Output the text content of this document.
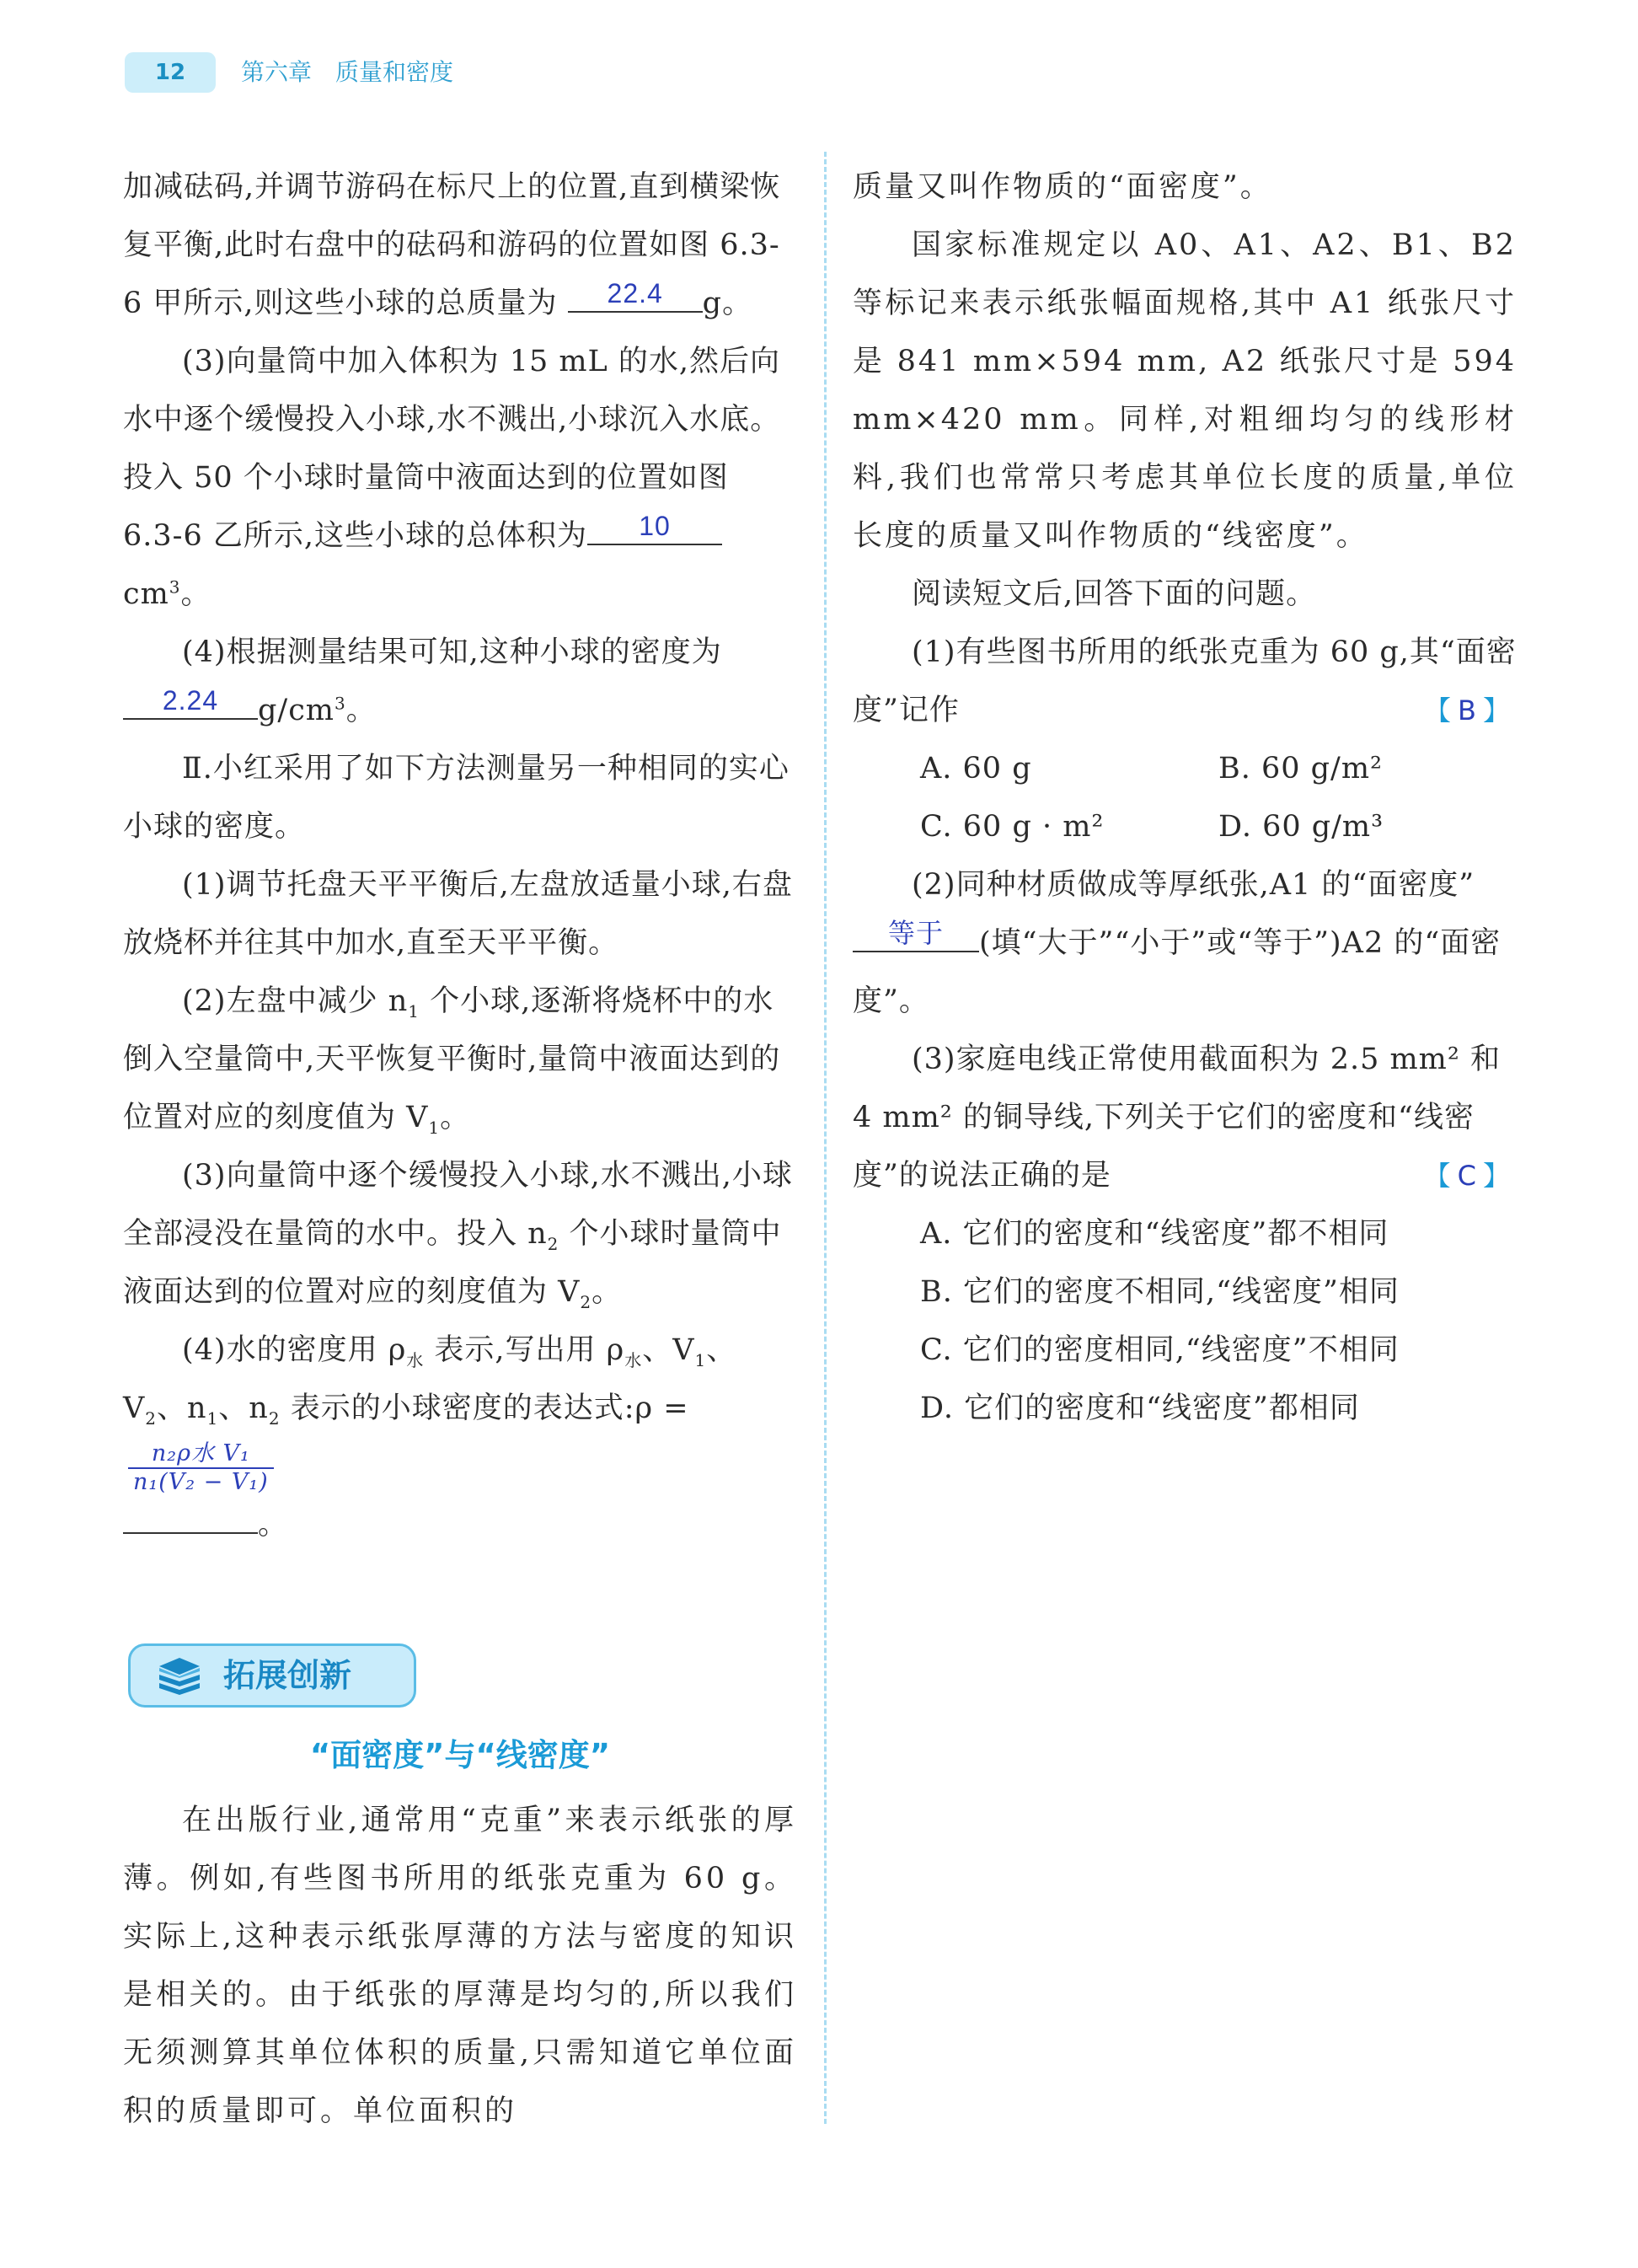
12	第六章　质量和密度

加减砝码,并调节游码在标尺上的位置,直到横梁恢复平衡,此时右盘中的砝码和游码的位置如图 6.3-6 甲所示,则这些小球的总质量为	22.4	g。

(3)向量筒中加入体积为 15 mL 的水,然后向水中逐个缓慢投入小球,水不溅出,小球沉入水底。投入 50 个小球时量筒中液面达到的位置如图 6.3-6 乙所示,这些小球的总体积为	10
$cm^3$。

(4)根据测量结果可知,这种小球的密度为
2.24	$g/cm^3$。

Ⅱ.小红采用了如下方法测量另一种相同的实心小球的密度。

(1)调节托盘天平平衡后,左盘放适量小球,右盘放烧杯并往其中加水,直至天平平衡。

(2)左盘中减少 $n_1$ 个小球,逐渐将烧杯中的水倒入空量筒中,天平恢复平衡时,量筒中液面达到的位置对应的刻度值为 $V_1$。

(3)向量筒中逐个缓慢投入小球,水不溅出,小球全部浸没在量筒的水中。投入 $n_2$ 个小球时量筒中液面达到的位置对应的刻度值为 $V_2$。

(4)水的密度用 $\rho_水$ 表示,写出用 $\rho_水$、$V_1$、$V_2$、$n_1$、$n_2$ 表示的小球密度的表达式:ρ =
$\frac{\text{n₂ρ水 V₁}}{\text{n₁(V₂ − V₁)}}$

。

拓展创新
“面密度”与“线密度”

在出版行业,通常用“克重”来表示纸张的厚薄。例如,有些图书所用的纸张克重为 60 g。实际上,这种表示纸张厚薄的方法与密度的知识是相关的。由于纸张的厚薄是均匀的,所以我们无须测算其单位体积的质量,只需知道它单位面积的质量即可。单位面积的

质量又叫作物质的“面密度”。

国家标准规定以 A0、A1、A2、B1、B2 等标记来表示纸张幅面规格,其中 A1 纸张尺寸是 841 mm×594 mm, A2 纸张尺寸是 594 mm×420 mm。同样,对粗细均匀的线形材料,我们也常常只考虑其单位长度的质量,单位长度的质量又叫作物质的“线密度”。

阅读短文后,回答下面的问题。

(1)有些图书所用的纸张克重为 60 g,其“面密度”记作	【B】

A. 60 g	B. 60 g/m²
C. 60 g · m²	D. 60 g/m³

(2)同种材质做成等厚纸张,A1 的“面密度”
等于	(填“大于”“小于”或“等于”)A2 的“面密度”。

(3)家庭电线正常使用截面积为 2.5 mm² 和 4 mm² 的铜导线,下列关于它们的密度和“线密度”的说法正确的是	【C】

A. 它们的密度和“线密度”都不相同
B. 它们的密度不相同,“线密度”相同
C. 它们的密度相同,“线密度”不相同
D. 它们的密度和“线密度”都相同
